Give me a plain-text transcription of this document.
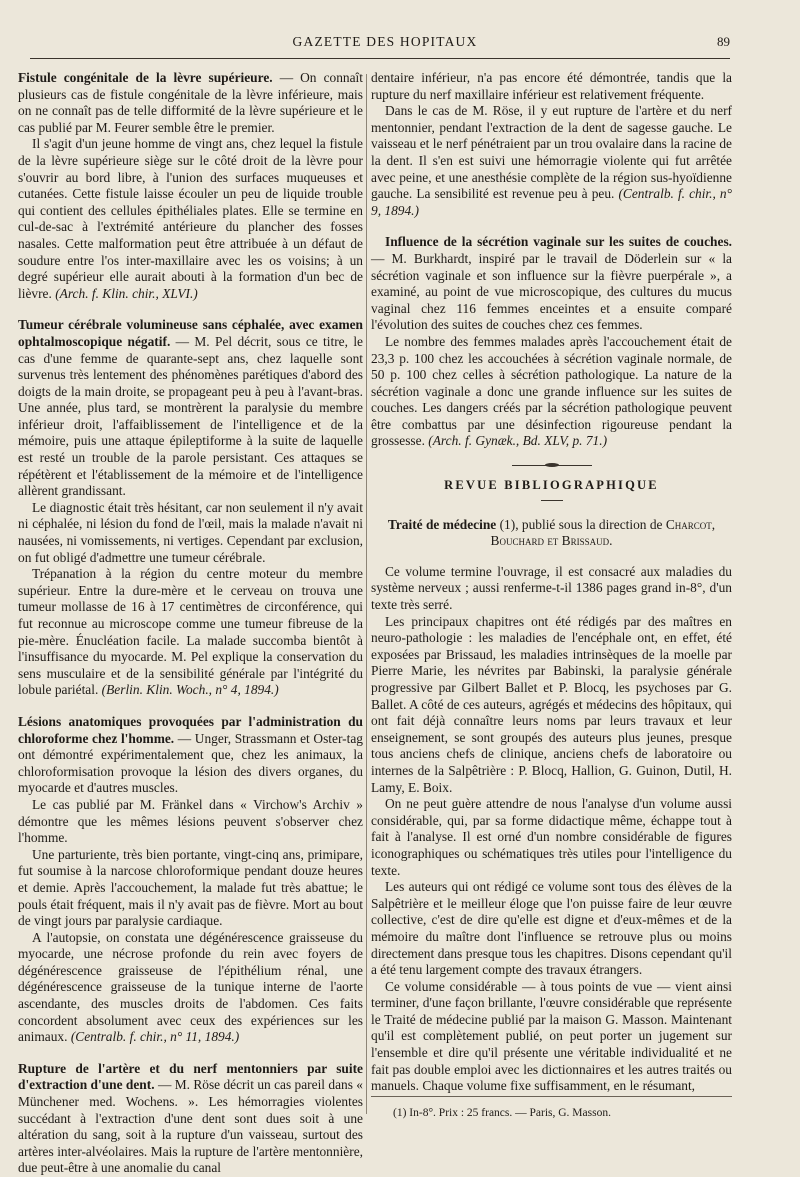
GAZETTE DES HOPITAUX	89

Fistule congénitale de la lèvre supérieure. — On connaît plusieurs cas de fistule congénitale de la lèvre inférieure, mais on ne connaît pas de telle difformité de la lèvre supérieure et le cas publié par M. Feurer semble être le premier.

Il s'agit d'un jeune homme de vingt ans, chez lequel la fistule de la lèvre supérieure siège sur le côté droit de la lèvre pour s'ouvrir au bord libre, à l'union des surfaces muqueuses et cutanées. Cette fistule laisse écouler un peu de liquide trouble qui contient des cellules épithéliales plates. Elle se termine en cul-de-sac à l'extrémité antérieure du plancher des fosses nasales. Cette malformation peut être attribuée à un défaut de soudure entre l'os inter-maxillaire avec les os voisins; à un degré supérieur elle aurait abouti à la formation d'un bec de lièvre. (Arch. f. Klin. chir., XLVI.)

Tumeur cérébrale volumineuse sans céphalée, avec examen ophtalmoscopique négatif. — M. Pel décrit, sous ce titre, le cas d'une femme de quarante-sept ans, chez laquelle sont survenus très lentement des phénomènes parétiques d'abord des doigts de la main droite, se propageant peu à peu à l'avant-bras. Une année, plus tard, se montrèrent la paralysie du membre inférieur droit, l'affaiblissement de l'intelligence et de la mémoire, puis une attaque épileptiforme à la suite de laquelle est resté un trouble de la parole persistant. Ces attaques se répétèrent et l'établissement de la mémoire et de l'intelligence allèrent grandissant.

Le diagnostic était très hésitant, car non seulement il n'y avait ni céphalée, ni lésion du fond de l'œil, mais la malade n'avait ni nausées, ni vomissements, ni vertiges. Cependant par exclusion, on fut obligé d'admettre une tumeur cérébrale.

Trépanation à la région du centre moteur du membre supérieur. Entre la dure-mère et le cerveau on trouva une tumeur mollasse de 16 à 17 centimètres de circonférence, qui fut reconnue au microscope comme une tumeur fibreuse de la pie-mère. Énucléation facile. La malade succomba bientôt à l'insuffisance du myocarde. M. Pel explique la conservation du sens musculaire et de la sensibilité générale par l'intégrité du lobule pariétal. (Berlin. Klin. Woch., n° 4, 1894.)

Lésions anatomiques provoquées par l'administration du chloroforme chez l'homme. — Unger, Strassmann et Oster-tag ont démontré expérimentalement que, chez les animaux, la chloroformisation provoque la lésion des divers organes, du myocarde et d'autres muscles.

Le cas publié par M. Fränkel dans « Virchow's Archiv » démontre que les mêmes lésions peuvent s'observer chez l'homme.

Une parturiente, très bien portante, vingt-cinq ans, primipare, fut soumise à la narcose chloroformique pendant douze heures et demie. Après l'accouchement, la malade fut très abattue; le pouls était fréquent, mais il n'y avait pas de fièvre. Mort au bout de vingt jours par paralysie cardiaque.

A l'autopsie, on constata une dégénérescence graisseuse du myocarde, une nécrose profonde du rein avec foyers de dégénérescence graisseuse de l'épithélium rénal, une dégénérescence graisseuse de la tunique interne de l'aorte ascendante, des muscles droits de l'abdomen. Ces faits concordent absolument avec ceux des expériences sur les animaux. (Centralb. f. chir., n° 11, 1894.)

Rupture de l'artère et du nerf mentonniers par suite d'extraction d'une dent. — M. Röse décrit un cas pareil dans « Münchener med. Wochens. ». Les hémorragies violentes succédant à l'extraction d'une dent sont dues soit à une altération du sang, soit à la rupture d'un vaisseau, surtout des artères inter-alvéolaires. Mais la rupture de l'artère mentonnière, due peut-être à une anomalie du canal

dentaire inférieur, n'a pas encore été démontrée, tandis que la rupture du nerf maxillaire inférieur est relativement fréquente.

Dans le cas de M. Röse, il y eut rupture de l'artère et du nerf mentonnier, pendant l'extraction de la dent de sagesse gauche. Le vaisseau et le nerf pénétraient par un trou ovalaire dans la racine de la dent. Il s'en est suivi une hémorragie violente qui fut arrêtée avec peine, et une anesthésie complète de la région sus-hyoïdienne gauche. La sensibilité est revenue peu à peu. (Centralb. f. chir., n° 9, 1894.)

Influence de la sécrétion vaginale sur les suites de couches. — M. Burkhardt, inspiré par le travail de Döderlein sur « la sécrétion vaginale et son influence sur la fièvre puerpérale », a examiné, au point de vue microscopique, des cultures du mucus vaginal chez 116 femmes enceintes et a ensuite comparé l'évolution des suites de couches chez ces femmes.

Le nombre des femmes malades après l'accouchement était de 23,3 p. 100 chez les accouchées à sécrétion vaginale normale, de 50 p. 100 chez celles à sécrétion pathologique. La nature de la sécrétion vaginale a donc une grande influence sur les suites de couches. Les dangers créés par la sécrétion pathologique peuvent être combattus par une désinfection rigoureuse pendant la grossesse. (Arch. f. Gynæk., Bd. XLV, p. 71.)

REVUE BIBLIOGRAPHIQUE
Traité de médecine (1), publié sous la direction de Charcot,
Bouchard et Brissaud.

Ce volume termine l'ouvrage, il est consacré aux maladies du système nerveux ; aussi renferme-t-il 1386 pages grand in-8°, d'un texte très serré.

Les principaux chapitres ont été rédigés par des maîtres en neuro-pathologie : les maladies de l'encéphale ont, en effet, été exposées par Brissaud, les maladies intrinsèques de la moelle par Pierre Marie, les névrites par Babinski, la paralysie générale progressive par Gilbert Ballet et P. Blocq, les psychoses par G. Ballet. A côté de ces auteurs, agrégés et médecins des hôpitaux, qui ont fait déjà connaître leurs noms par leurs travaux et leur enseignement, se sont groupés des auteurs plus jeunes, presque tous anciens chefs de clinique, anciens chefs de laboratoire ou internes de la Salpêtrière : P. Blocq, Hallion, G. Guinon, Dutil, H. Lamy, E. Boix.

On ne peut guère attendre de nous l'analyse d'un volume aussi considérable, qui, par sa forme didactique même, échappe tout à fait à l'analyse. Il est orné d'un nombre considérable de figures iconographiques ou schématiques très utiles pour l'intelligence du texte.

Les auteurs qui ont rédigé ce volume sont tous des élèves de la Salpêtrière et le meilleur éloge que l'on puisse faire de leur œuvre collective, c'est de dire qu'elle est digne et d'eux-mêmes et de la mémoire du maître dont l'influence se retrouve plus ou moins directement dans presque tous les chapitres. Disons cependant qu'il a été tenu largement compte des travaux étrangers.

Ce volume considérable — à tous points de vue — vient ainsi terminer, d'une façon brillante, l'œuvre considérable que représente le Traité de médecine publié par la maison G. Masson. Maintenant qu'il est complètement publié, on peut porter un jugement sur l'ensemble et dire qu'il présente une véritable individualité et ne fait pas double emploi avec les dictionnaires et les autres traités ou manuels. Chaque volume fixe suffisamment, en le résumant,

(1) In-8°. Prix : 25 francs. — Paris, G. Masson.
